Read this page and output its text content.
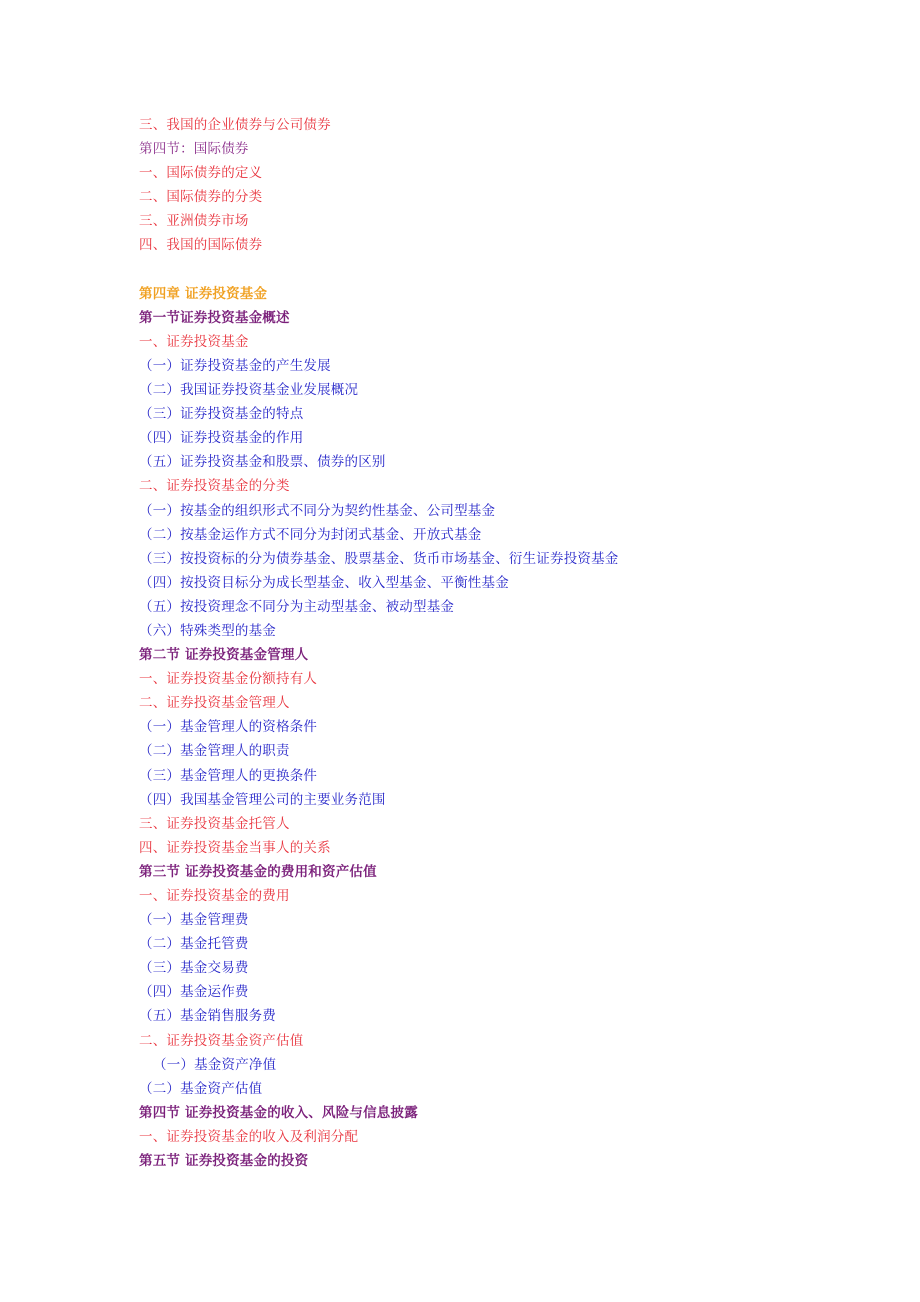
三、我国的企业债券与公司债券
第四节：国际债券
一、国际债券的定义
二、国际债券的分类
三、亚洲债券市场
四、我国的国际债券
第四章 证券投资基金
第一节证券投资基金概述
一、证券投资基金
（一）证券投资基金的产生发展
（二）我国证券投资基金业发展概况
（三）证券投资基金的特点
（四）证券投资基金的作用
（五）证券投资基金和股票、债券的区别
二、证券投资基金的分类
（一）按基金的组织形式不同分为契约性基金、公司型基金
（二）按基金运作方式不同分为封闭式基金、开放式基金
（三）按投资标的分为债券基金、股票基金、货币市场基金、衍生证券投资基金
（四）按投资目标分为成长型基金、收入型基金、平衡性基金
（五）按投资理念不同分为主动型基金、被动型基金
（六）特殊类型的基金
第二节 证券投资基金管理人
一、证券投资基金份额持有人
二、证券投资基金管理人
（一）基金管理人的资格条件
（二）基金管理人的职责
（三）基金管理人的更换条件
（四）我国基金管理公司的主要业务范围
三、证券投资基金托管人
四、证券投资基金当事人的关系
第三节 证券投资基金的费用和资产估值
一、证券投资基金的费用
（一）基金管理费
（二）基金托管费
（三）基金交易费
（四）基金运作费
（五）基金销售服务费
二、证券投资基金资产估值
（一）基金资产净值
（二）基金资产估值
第四节 证券投资基金的收入、风险与信息披露
一、证券投资基金的收入及利润分配
第五节 证券投资基金的投资
